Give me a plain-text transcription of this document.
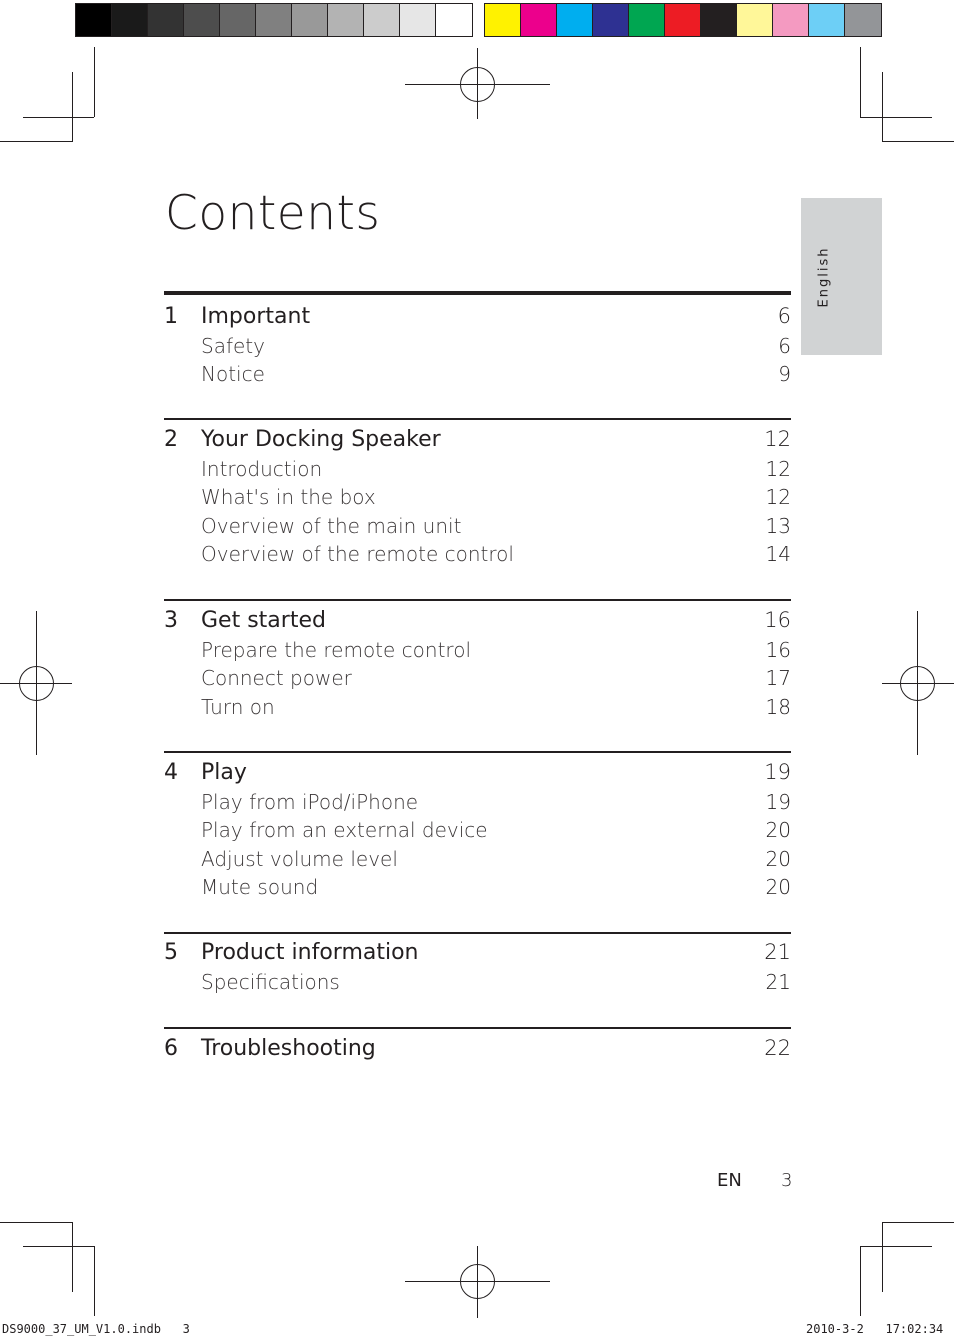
Contents
English
1 Important	6
Safety	6
Notice	9
2 Your Docking Speaker	12
Introduction	12
What's in the box	12
Overview of the main unit	13
Overview of the remote control	14
3 Get started	16
Prepare the remote control	16
Connect power	17
Turn on	18
4 Play	19
Play from iPod/iPhone	19
Play from an external device	20
Adjust volume level	20
Mute sound	20
5 Product information	21
Specifications	21
6 Troubleshooting	22
EN 3
DS9000_37_UM_V1.0.indb   3	2010-3-2   17:02:34
